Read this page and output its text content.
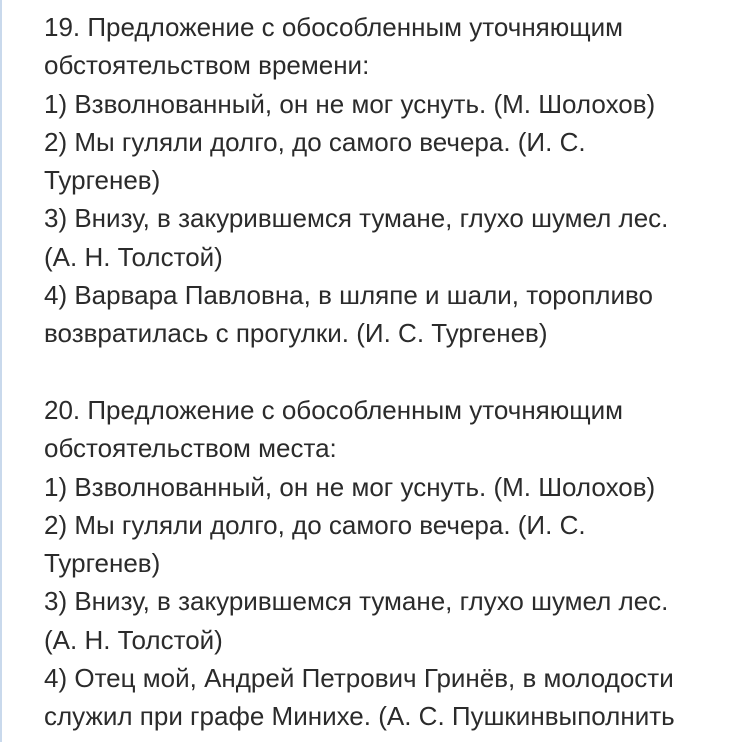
19. Предложение с обособленным уточняющим
обстоятельством времени:
1) Взволнованный, он не мог уснуть. (М. Шолохов)
2) Мы гуляли долго, до самого вечера. (И. С.
Тургенев)
3) Внизу, в закурившемся тумане, глухо шумел лес.
(А. Н. Толстой)
4) Варвара Павловна, в шляпе и шали, торопливо
возвратилась с прогулки. (И. С. Тургенев)
20. Предложение с обособленным уточняющим
обстоятельством места:
1) Взволнованный, он не мог уснуть. (М. Шолохов)
2) Мы гуляли долго, до самого вечера. (И. С.
Тургенев)
3) Внизу, в закурившемся тумане, глухо шумел лес.
(А. Н. Толстой)
4) Отец мой, Андрей Петрович Гринёв, в молодости
служил при графе Минихе. (А. С. Пушкинвыполнить
